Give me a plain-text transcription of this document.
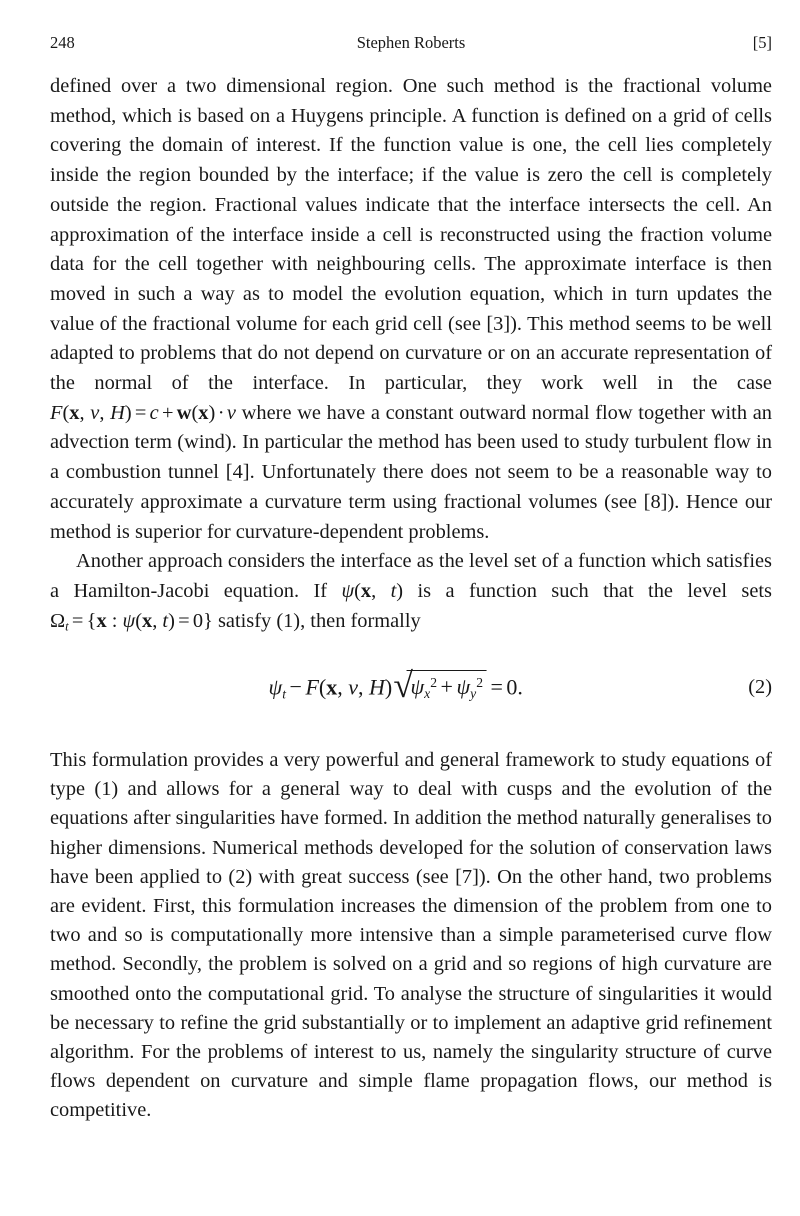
248	Stephen Roberts	[5]

defined over a two dimensional region. One such method is the fractional volume method, which is based on a Huygens principle. A function is defined on a grid of cells covering the domain of interest. If the function value is one, the cell lies completely inside the region bounded by the interface; if the value is zero the cell is completely outside the region. Fractional values indicate that the interface intersects the cell. An approximation of the interface inside a cell is reconstructed using the fraction volume data for the cell together with neighbouring cells. The approximate interface is then moved in such a way as to model the evolution equation, which in turn updates the value of the fractional volume for each grid cell (see [3]). This method seems to be well adapted to problems that do not depend on curvature or on an accurate representation of the normal of the interface. In particular, they work well in the case F(x, ν, H) = c + w(x) · ν where we have a constant outward normal flow together with an advection term (wind). In particular the method has been used to study turbulent flow in a combustion tunnel [4]. Unfortunately there does not seem to be a reasonable way to accurately approximate a curvature term using fractional volumes (see [8]). Hence our method is superior for curvature-dependent problems.

Another approach considers the interface as the level set of a function which satisfies a Hamilton-Jacobi equation. If ψ(x, t) is a function such that the level sets $\Omega_t = \{x$ : ψ(x, t) = 0} satisfy (1), then formally

$\psi_t - F(x$, ν, H) √
$\psi_x^2 + \psi_y^2 = 0$.	(2)

This formulation provides a very powerful and general framework to study equations of type (1) and allows for a general way to deal with cusps and the evolution of the equations after singularities have formed. In addition the method naturally generalises to higher dimensions. Numerical methods developed for the solution of conservation laws have been applied to (2) with great success (see [7]). On the other hand, two problems are evident. First, this formulation increases the dimension of the problem from one to two and so is computationally more intensive than a simple parameterised curve flow method. Secondly, the problem is solved on a grid and so regions of high curvature are smoothed onto the computational grid. To analyse the structure of singularities it would be necessary to refine the grid substantially or to implement an adaptive grid refinement algorithm. For the problems of interest to us, namely the singularity structure of curve flows dependent on curvature and simple flame propagation flows, our method is competitive.
